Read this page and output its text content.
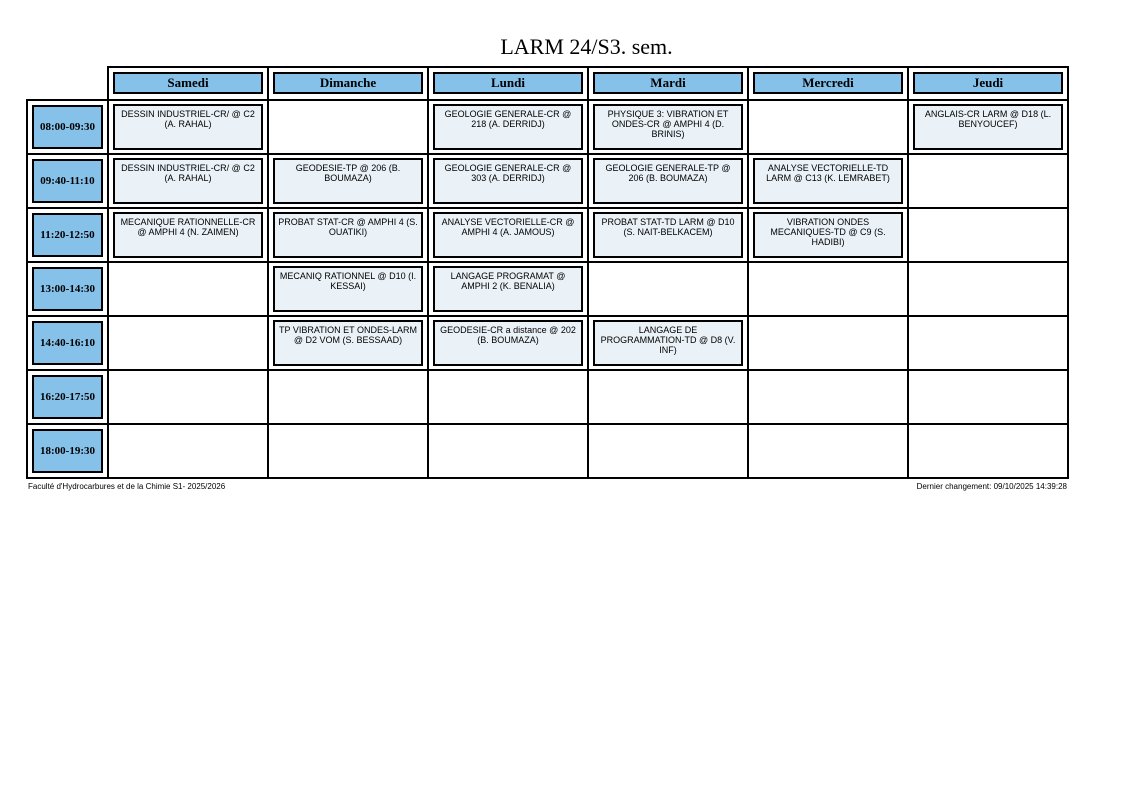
LARM 24/S3. sem.

	Samedi	Dimanche	Lundi	Mardi	Mercredi	Jeudi

08:00-09:30	DESSIN INDUSTRIEL-CR/ @ C2 (A. RAHAL)		GEOLOGIE GENERALE-CR @ 218 (A. DERRIDJ)	PHYSIQUE 3: VIBRATION ET ONDES-CR @ AMPHI 4 (D. BRINIS)		ANGLAIS-CR LARM @ D18 (L. BENYOUCEF)

09:40-11:10	DESSIN INDUSTRIEL-CR/ @ C2 (A. RAHAL)	GEODESIE-TP @ 206 (B. BOUMAZA)	GEOLOGIE GENERALE-CR @ 303 (A. DERRIDJ)	GEOLOGIE GENERALE-TP @ 206 (B. BOUMAZA)	ANALYSE VECTORIELLE-TD LARM @ C13 (K. LEMRABET)	

11:20-12:50	MECANIQUE RATIONNELLE-CR @ AMPHI 4 (N. ZAIMEN)	PROBAT STAT-CR @ AMPHI 4 (S. OUATIKI)	ANALYSE VECTORIELLE-CR @ AMPHI 4 (A. JAMOUS)	PROBAT STAT-TD LARM @ D10 (S. NAIT-BELKACEM)	VIBRATION ONDES MECANIQUES-TD @ C9 (S. HADIBI)	

13:00-14:30		MECANIQ RATIONNEL @ D10 (I. KESSAI)	LANGAGE PROGRAMAT @ AMPHI 2 (K. BENALIA)			

14:40-16:10		TP VIBRATION ET ONDES-LARM @ D2 VOM (S. BESSAAD)	GEODESIE-CR a distance @ 202 (B. BOUMAZA)	LANGAGE DE PROGRAMMATION-TD @ D8 (V. INF)		

16:20-17:50						

18:00-19:30						

Faculté d'Hydrocarbures et de la Chimie S1- 2025/2026	Dernier changement: 09/10/2025 14:39:28
